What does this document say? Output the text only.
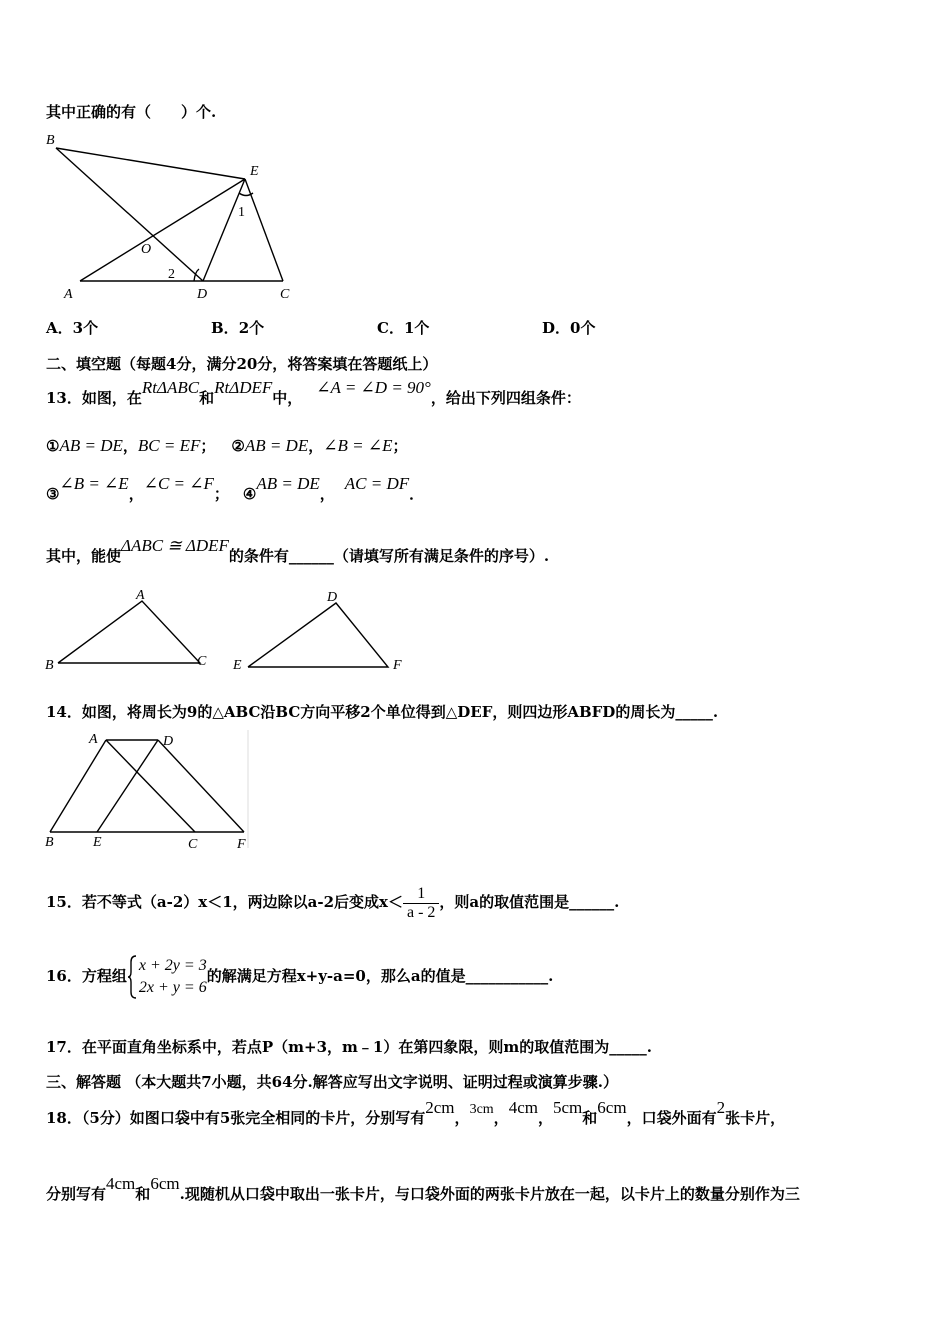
其中正确的有（　　）个.
B
E
1
O
2
A	D	C
A．3个	B．2个	C．1个	D．0个
二、填空题（每题4分，满分20分，将答案填在答题纸上）
13．如图，在RtΔABC和RtΔDEF中，∠A = ∠D = 90°，给出下列四组条件：
①AB = DE，BC = EF； ②AB = DE，∠B = ∠E；
③∠B = ∠E，∠C = ∠F； ④AB = DE，AC = DF．
其中，能使ΔABC ≅ ΔDEF的条件有______（请填写所有满足条件的序号）.
A
B	C
D
E	F
14．如图，将周长为9的△ABC沿BC方向平移2个单位得到△DEF，则四边形ABFD的周长为_____.
A	D
B	E	C	F
15．若不等式（a-2）x＜1，两边除以a-2后变成$x< \frac{1}{a - 2}$ ，则a的取值范围是______.
16．方程组
x + 2y = 3
2x + y = 6
的解满足方程x+y-a=0，那么a的值是___________.
17．在平面直角坐标系中，若点P（m+3，m﹣1）在第四象限，则m的取值范围为_____.
三、解答题 （本大题共7小题，共64分.解答应写出文字说明、证明过程或演算步骤.）
18．（5分）如图口袋中有5张完全相同的卡片，分别写有2cm，3cm，4cm，5cm和6cm，口袋外面有2张卡片，
分别写有4cm和6cm.现随机从口袋中取出一张卡片，与口袋外面的两张卡片放在一起，以卡片上的数量分别作为三
